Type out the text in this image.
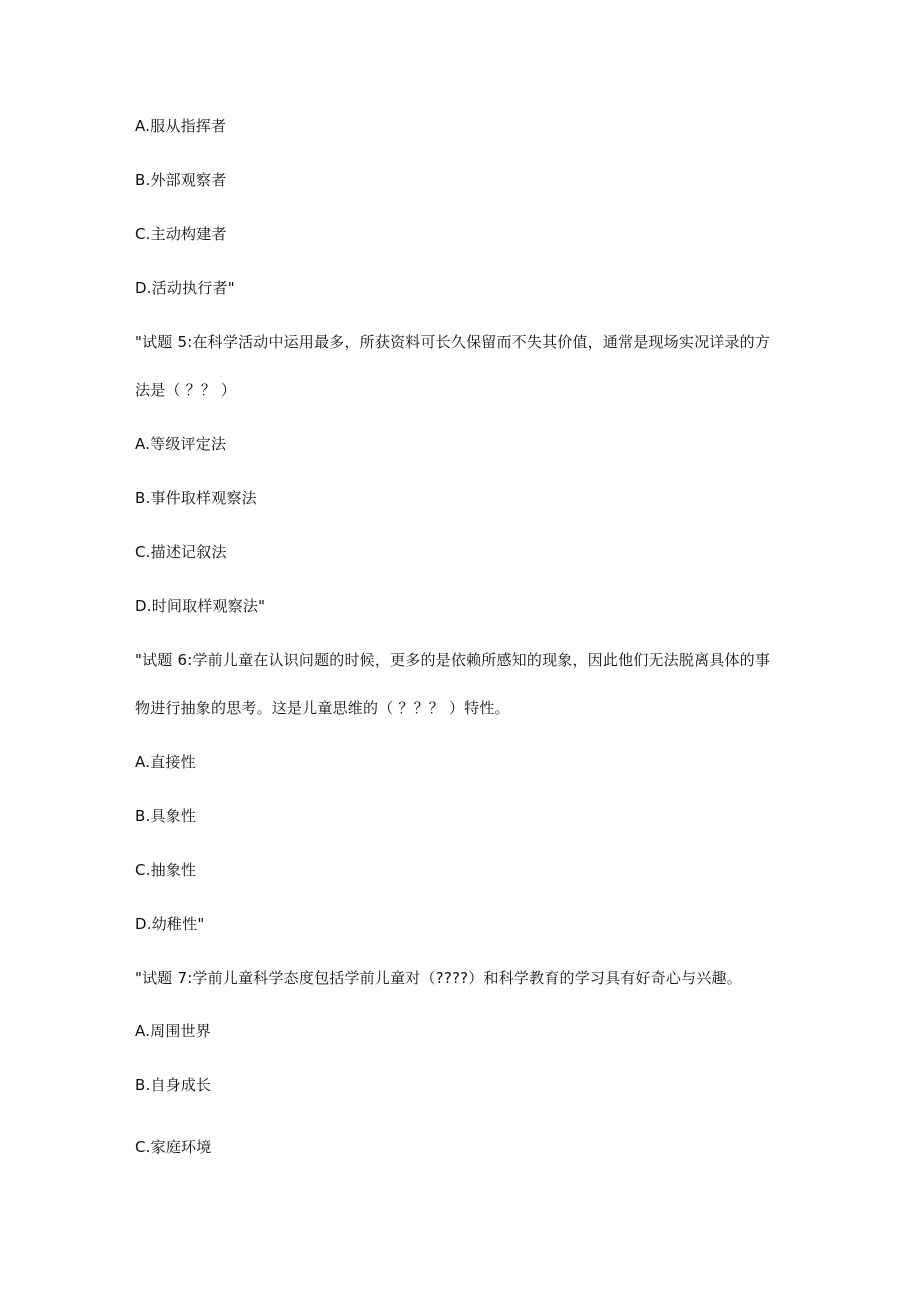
A.服从指挥者
B.外部观察者
C.主动构建者
D.活动执行者"
"试题 5:在科学活动中运用最多，所获资料可长久保留而不失其价值，通常是现场实况详录的方
法是（ ？？ ）
A.等级评定法
B.事件取样观察法
C.描述记叙法
D.时间取样观察法"
"试题 6:学前儿童在认识问题的时候，更多的是依赖所感知的现象，因此他们无法脱离具体的事
物进行抽象的思考。这是儿童思维的（ ？？？ ）特性。
A.直接性
B.具象性
C.抽象性
D.幼稚性"
"试题 7:学前儿童科学态度包括学前儿童对（????）和科学教育的学习具有好奇心与兴趣。
A.周围世界
B.自身成长
C.家庭环境
